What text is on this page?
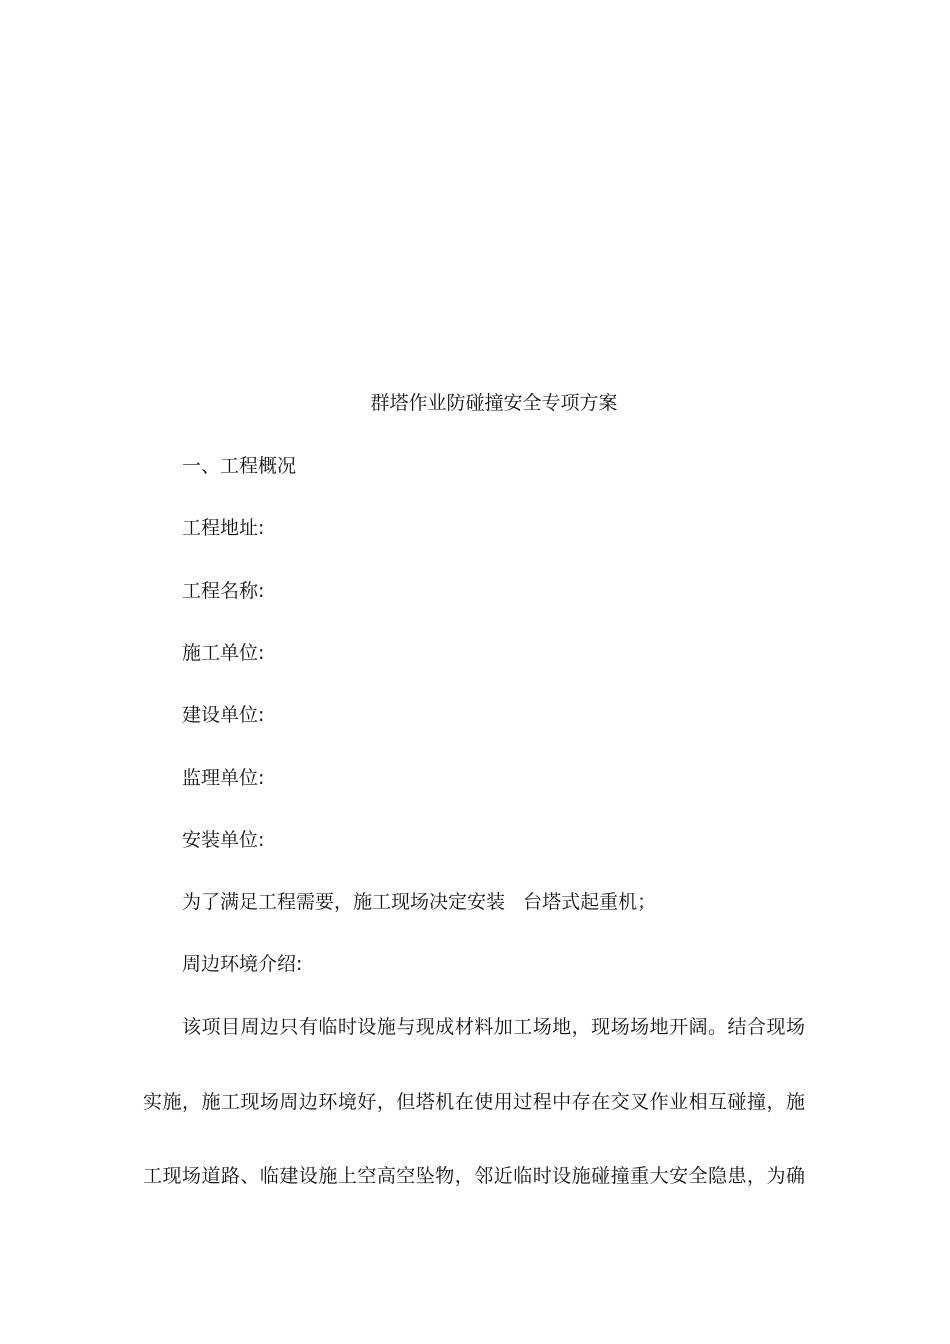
群塔作业防碰撞安全专项方案
一、工程概况
工程地址:
工程名称:
施工单位:
建设单位:
监理单位:
安装单位:
为了满足工程需要，施工现场决定安装   台塔式起重机；
周边环境介绍:
该项目周边只有临时设施与现成材料加工场地，现场场地开阔。结合现场
实施，施工现场周边环境好，但塔机在使用过程中存在交叉作业相互碰撞，施
工现场道路、临建设施上空高空坠物，邻近临时设施碰撞重大安全隐患，为确
